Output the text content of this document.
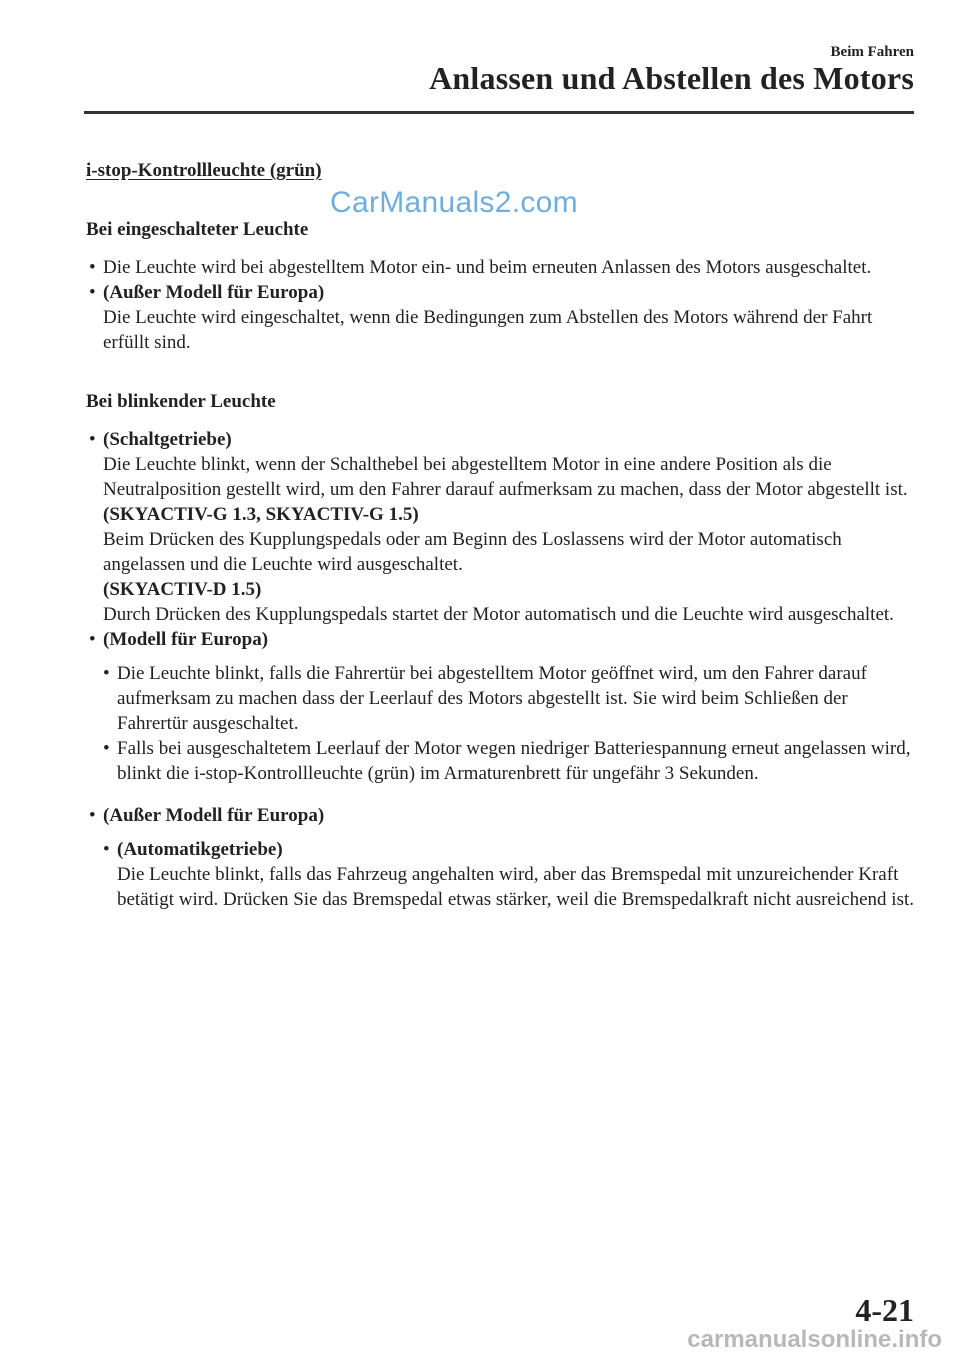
Beim Fahren
Anlassen und Abstellen des Motors
CarManuals2.com

i-stop-Kontrollleuchte (grün)

Bei eingeschalteter Leuchte

• Die Leuchte wird bei abgestelltem Motor ein- und beim erneuten Anlassen des Motors ausgeschaltet.
• (Außer Modell für Europa)
Die Leuchte wird eingeschaltet, wenn die Bedingungen zum Abstellen des Motors während der Fahrt erfüllt sind.

Bei blinkender Leuchte

• (Schaltgetriebe)
Die Leuchte blinkt, wenn der Schalthebel bei abgestelltem Motor in eine andere Position als die Neutralposition gestellt wird, um den Fahrer darauf aufmerksam zu machen, dass der Motor abgestellt ist.
(SKYACTIV-G 1.3, SKYACTIV-G 1.5)
Beim Drücken des Kupplungspedals oder am Beginn des Loslassens wird der Motor automatisch angelassen und die Leuchte wird ausgeschaltet.
(SKYACTIV-D 1.5)
Durch Drücken des Kupplungspedals startet der Motor automatisch und die Leuchte wird ausgeschaltet.
• (Modell für Europa)
• Die Leuchte blinkt, falls die Fahrertür bei abgestelltem Motor geöffnet wird, um den Fahrer darauf aufmerksam zu machen dass der Leerlauf des Motors abgestellt ist. Sie wird beim Schließen der Fahrertür ausgeschaltet.
• Falls bei ausgeschaltetem Leerlauf der Motor wegen niedriger Batteriespannung erneut angelassen wird, blinkt die i-stop-Kontrollleuchte (grün) im Armaturenbrett für ungefähr 3 Sekunden.
• (Außer Modell für Europa)
• (Automatikgetriebe)
Die Leuchte blinkt, falls das Fahrzeug angehalten wird, aber das Bremspedal mit unzureichender Kraft betätigt wird. Drücken Sie das Bremspedal etwas stärker, weil die Bremspedalkraft nicht ausreichend ist.
4-21
carmanualsonline.info
